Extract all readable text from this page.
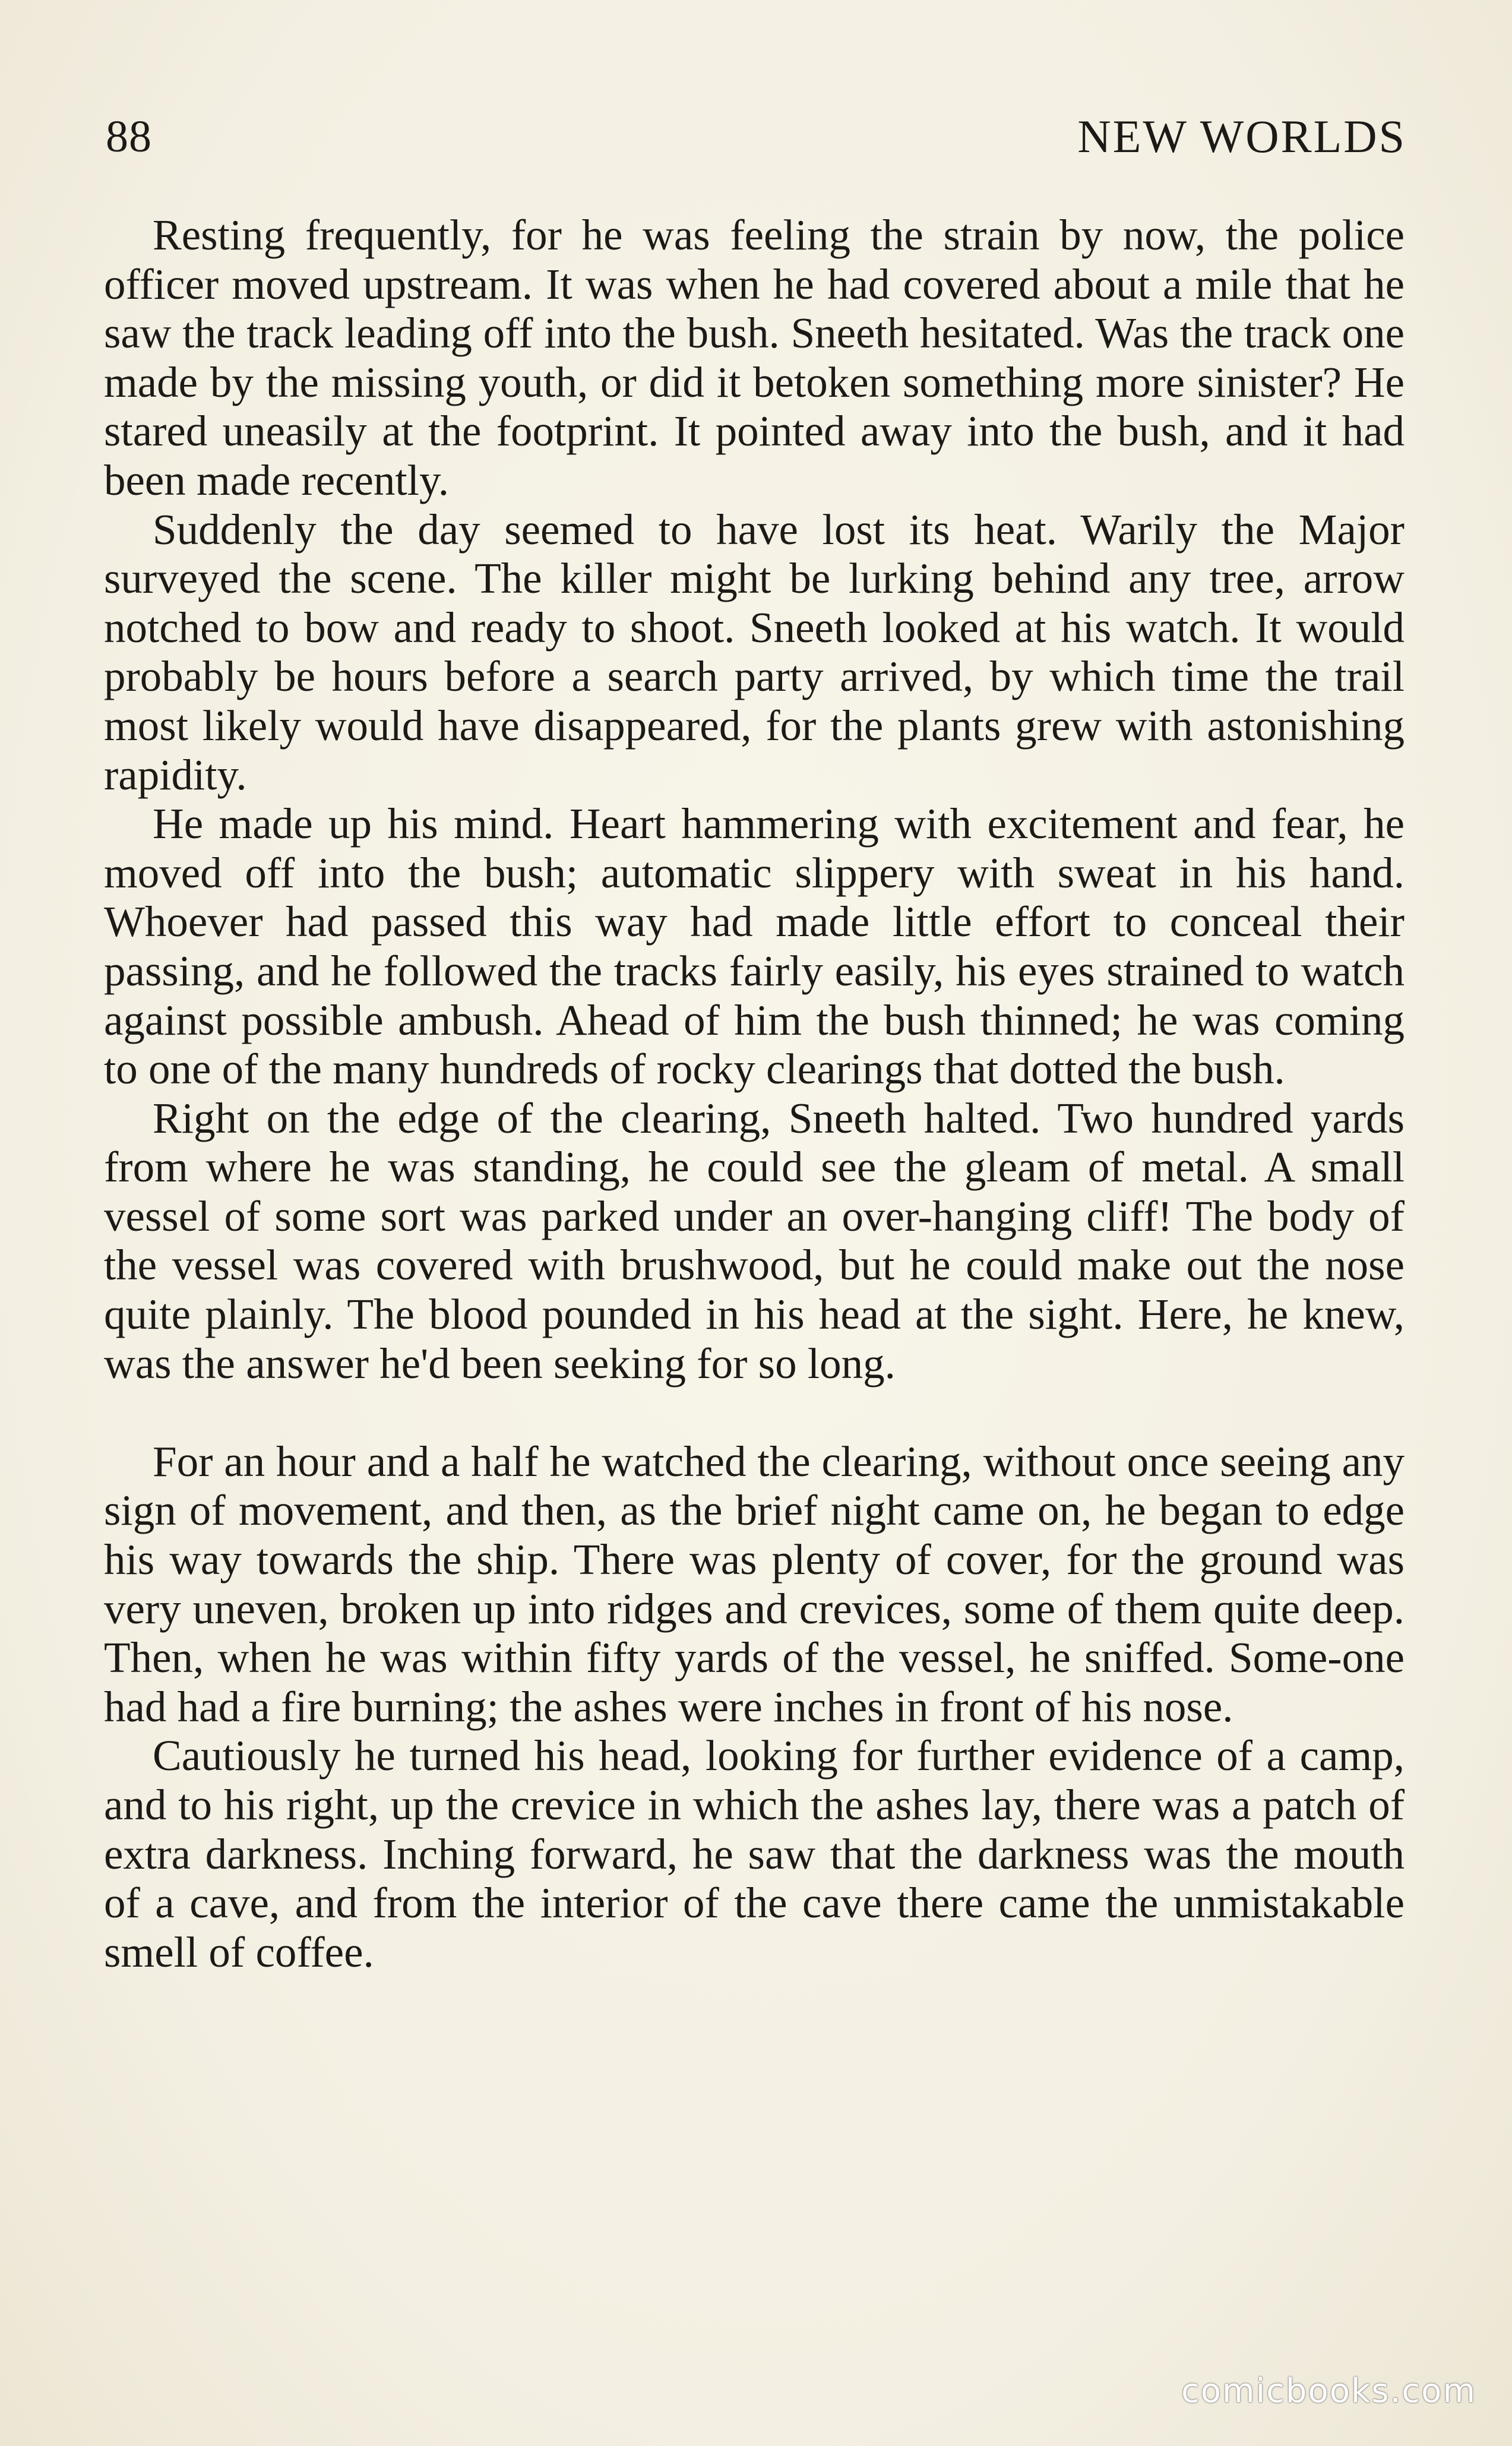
88	NEW WORLDS

Resting frequently, for he was feeling the strain by now, the police officer moved upstream. It was when he had covered about a mile that he saw the track leading off into the bush. Sneeth hesitated. Was the track one made by the missing youth, or did it betoken something more sinister? He stared uneasily at the footprint. It pointed away into the bush, and it had been made recently.

Suddenly the day seemed to have lost its heat. Warily the Major surveyed the scene. The killer might be lurking behind any tree, arrow notched to bow and ready to shoot. Sneeth looked at his watch. It would probably be hours before a search party arrived, by which time the trail most likely would have disappeared, for the plants grew with astonishing rapidity.

He made up his mind. Heart hammering with excitement and fear, he moved off into the bush; automatic slippery with sweat in his hand. Whoever had passed this way had made little effort to conceal their passing, and he followed the tracks fairly easily, his eyes strained to watch against possible ambush. Ahead of him the bush thinned; he was coming to one of the many hundreds of rocky clearings that dotted the bush.

Right on the edge of the clearing, Sneeth halted. Two hundred yards from where he was standing, he could see the gleam of metal. A small vessel of some sort was parked under an over-hanging cliff! The body of the vessel was covered with brushwood, but he could make out the nose quite plainly. The blood pounded in his head at the sight. Here, he knew, was the answer he'd been seeking for so long.

For an hour and a half he watched the clearing, without once seeing any sign of movement, and then, as the brief night came on, he began to edge his way towards the ship. There was plenty of cover, for the ground was very uneven, broken up into ridges and crevices, some of them quite deep. Then, when he was within fifty yards of the vessel, he sniffed. Some-one had had a fire burning; the ashes were inches in front of his nose.

Cautiously he turned his head, looking for further evidence of a camp, and to his right, up the crevice in which the ashes lay, there was a patch of extra darkness. Inching forward, he saw that the darkness was the mouth of a cave, and from the interior of the cave there came the unmistakable smell of coffee.

comicbooks.com
